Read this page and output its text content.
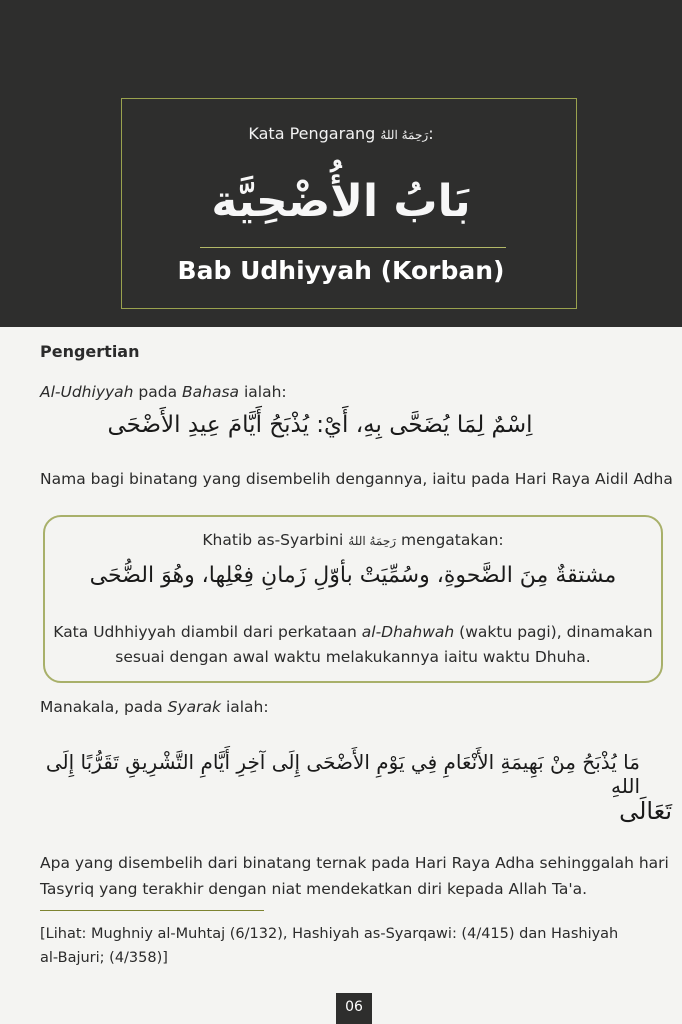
Kata Pengarang رَحِمَهُ اللهُ:
بَابُ الأُضْحِيَّة
Bab Udhiyyah (Korban)
Pengertian
Al-Udhiyyah pada Bahasa ialah:
اِسْمٌ لِمَا يُضَحَّى بِهِ، أَيْ: يُذْبَحُ أَيَّامَ عِيدِ الأَضْحَى
Nama bagi binatang yang disembelih dengannya, iaitu pada Hari Raya Aidil Adha
Khatib as-Syarbini رَحِمَهُ اللهُ mengatakan:
مشتقةٌ مِنَ الضَّحوةِ، وسُمِّيَتْ بأوّلِ زَمانِ فِعْلِها، وهُوَ الضُّحَى
Kata Udhhiyyah diambil dari perkataan al-Dhahwah (waktu pagi), dinamakan
sesuai dengan awal waktu melakukannya iaitu waktu Dhuha.
Manakala, pada Syarak ialah:
مَا يُذْبَحُ مِنْ بَهِيمَةِ الأَنْعَامِ فِي يَوْمِ الأَضْحَى إِلَى آخِرِ أَيَّامِ التَّشْرِيقِ تَقَرُّبًا إِلَى اللهِ
تَعَالَى
Apa yang disembelih dari binatang ternak pada Hari Raya Adha sehinggalah hari
Tasyriq yang terakhir dengan niat mendekatkan diri kepada Allah Ta'a.
[Lihat: Mughniy al-Muhtaj (6/132), Hashiyah as-Syarqawi: (4/415) dan Hashiyah
al-Bajuri; (4/358)]
06
